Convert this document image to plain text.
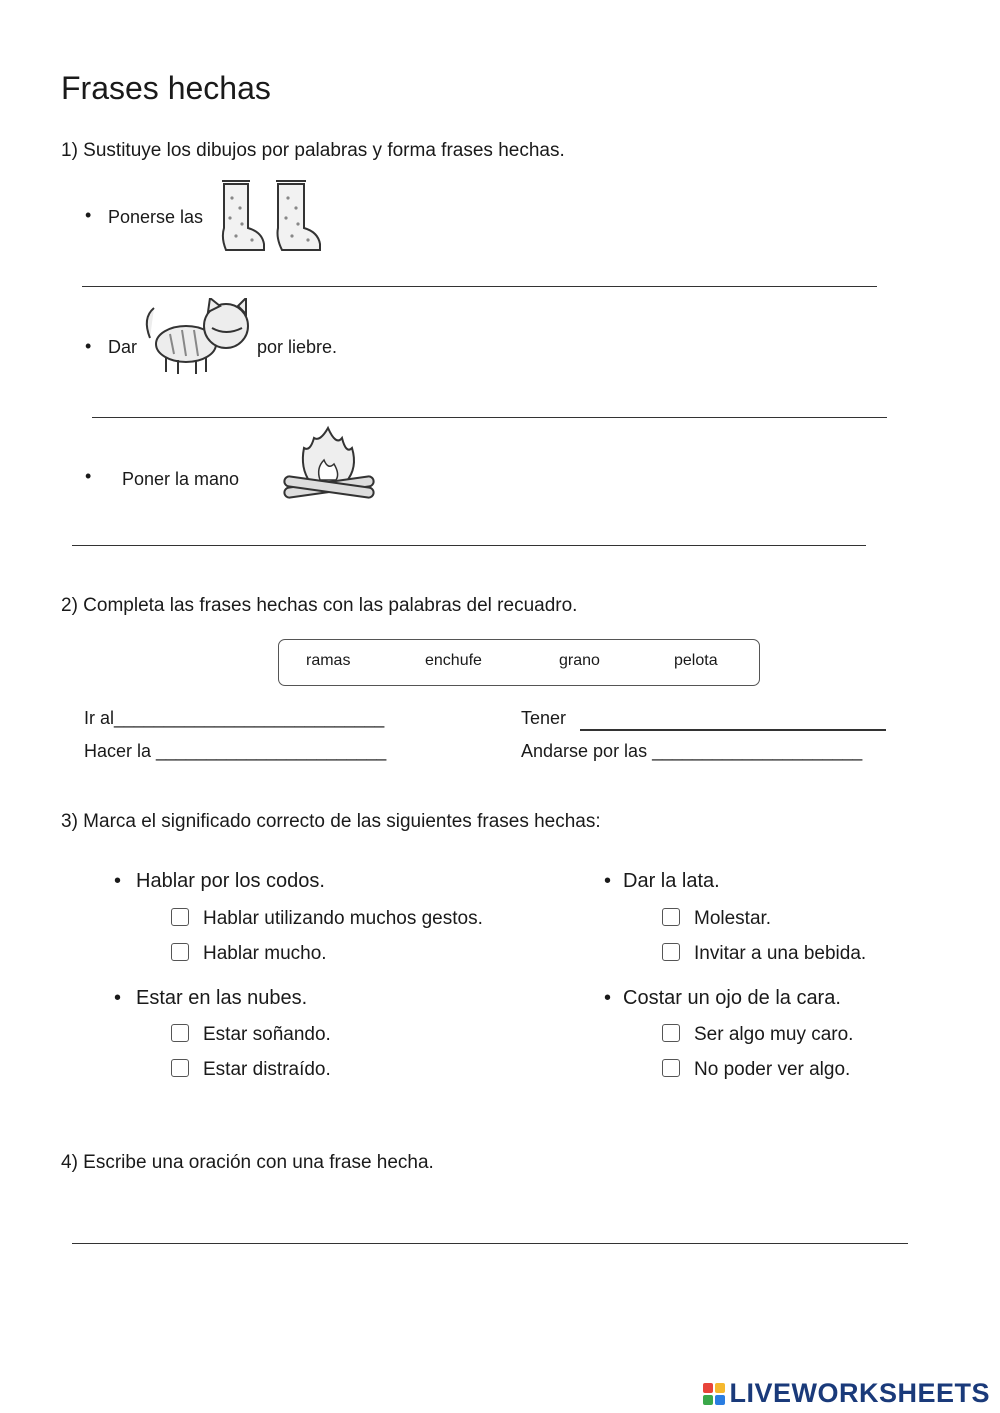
Frases hechas
1) Sustituye los dibujos por palabras y forma frases hechas.
• Ponerse las
• Dar	por liebre.
• Poner la mano
2) Completa las frases hechas con las palabras del recuadro.
ramas	enchufe	grano	pelota
Ir al___________________________	Tener
Hacer la _______________________	Andarse por las _____________________
3) Marca el significado correcto de las siguientes frases hechas:
• Hablar por los codos.
Hablar utilizando muchos gestos.
Hablar mucho.
• Dar la lata.
Molestar.
Invitar a una bebida.
• Estar en las nubes.
Estar soñando.
Estar distraído.
• Costar un ojo de la cara.
Ser algo muy caro.
No poder ver algo.
4) Escribe una oración con una frase hecha.
LIVEWORKSHEETS
